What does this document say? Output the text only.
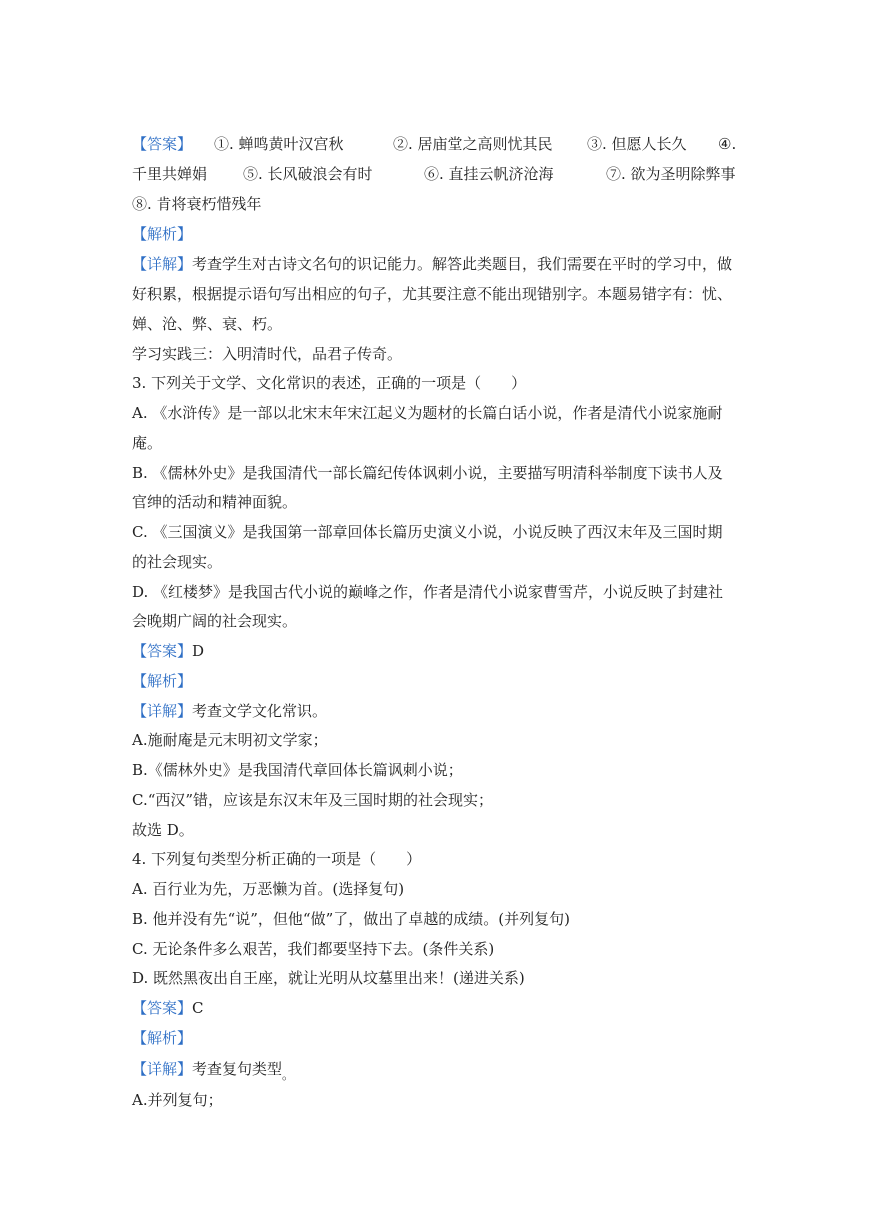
【答案】 ①. 蝉鸣黄叶汉宫秋	②. 居庙堂之高则忧其民 ③. 但愿人长久 ④.
千里共婵娟 ⑤. 长风破浪会有时	⑥. 直挂云帆济沧海	⑦. 欲为圣明除弊事
⑧. 肯将衰朽惜残年
【解析】
【详解】考查学生对古诗文名句的识记能力。解答此类题目，我们需要在平时的学习中，做
好积累，根据提示语句写出相应的句子，尤其要注意不能出现错别字。本题易错字有：忧、
婵、沧、弊、衰、朽。
学习实践三：入明清时代，品君子传奇。
3. 下列关于文学、文化常识的表述，正确的一项是（　　）
A. 《水浒传》是一部以北宋末年宋江起义为题材的长篇白话小说，作者是清代小说家施耐
庵。
B. 《儒林外史》是我国清代一部长篇纪传体讽刺小说，主要描写明清科举制度下读书人及
官绅的活动和精神面貌。
C. 《三国演义》是我国第一部章回体长篇历史演义小说，小说反映了西汉末年及三国时期
的社会现实。
D. 《红楼梦》是我国古代小说的巅峰之作，作者是清代小说家曹雪芹，小说反映了封建社
会晚期广阔的社会现实。
【答案】D
【解析】
【详解】考查文学文化常识。
A.施耐庵是元末明初文学家；
B.《儒林外史》是我国清代章回体长篇讽刺小说；
C.“西汉”错，应该是东汉末年及三国时期的社会现实；
故选 D。
4. 下列复句类型分析正确的一项是（　　）
A. 百行业为先，万恶懒为首。(选择复句)
B. 他并没有先“说”，但他“做”了，做出了卓越的成绩。(并列复句)
C. 无论条件多么艰苦，我们都要坚持下去。(条件关系)
D. 既然黑夜出自王座，就让光明从坟墓里出来！(递进关系)
【答案】C
【解析】
【详解】考查复句类型$_。$
A.并列复句；
